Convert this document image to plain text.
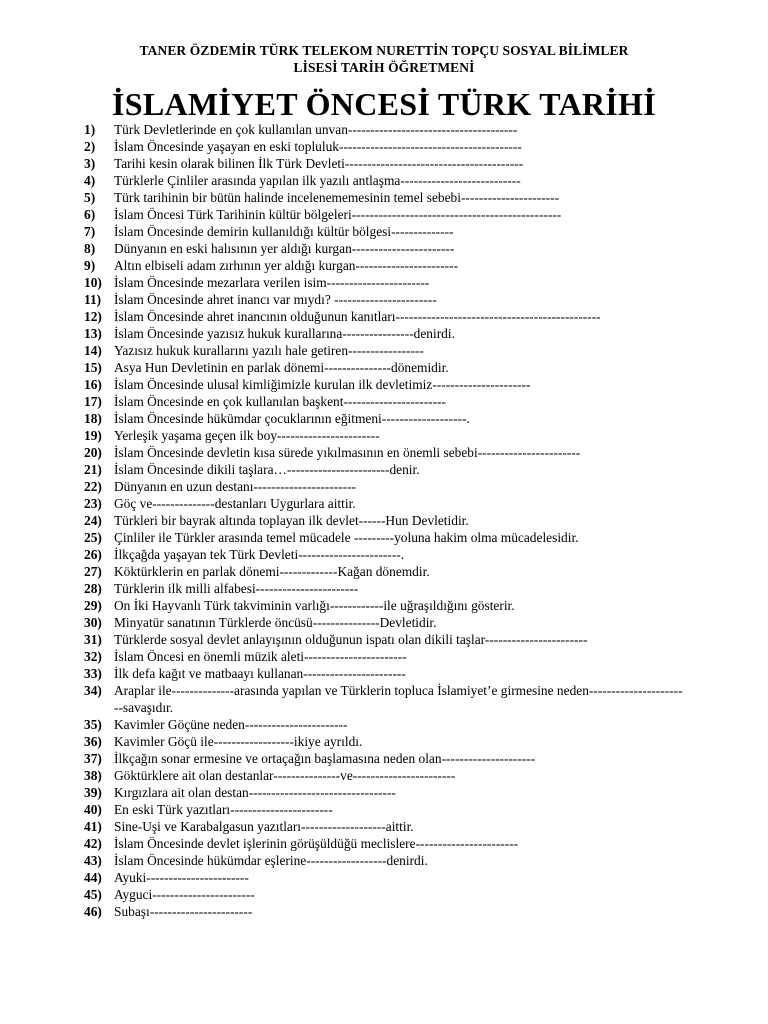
TANER ÖZDEMİR TÜRK TELEKOM NURETTİN TOPÇU SOSYAL BİLİMLER
LİSESİ TARİH ÖĞRETMENİ
İSLAMİYET ÖNCESİ TÜRK TARİHİ
1)	Türk Devletlerinde en çok kullanılan unvan--------------------------------------
2)	İslam Öncesinde yaşayan en eski topluluk-----------------------------------------
3)	Tarihi kesin olarak bilinen İlk Türk Devleti----------------------------------------
4)	Türklerle Çinliler arasında yapılan ilk yazılı antlaşma---------------------------
5)	Türk tarihinin bir bütün halinde incelenememesinin temel sebebi----------------------
6)	İslam Öncesi Türk Tarihinin kültür bölgeleri-----------------------------------------------
7)	İslam Öncesinde demirin kullanıldığı kültür bölgesi--------------
8)	Dünyanın en eski halısının yer aldığı kurgan-----------------------
9)	Altın elbiseli adam zırhının yer aldığı kurgan-----------------------
10) İslam Öncesinde mezarlara verilen isim-----------------------
11) İslam Öncesinde ahret inancı var mıydı? -----------------------
12) İslam Öncesinde ahret inancının olduğunun kanıtları----------------------------------------------
13) İslam Öncesinde yazısız hukuk kurallarına----------------denirdi.
14) Yazısız hukuk kurallarını yazılı hale getiren-----------------
15) Asya Hun Devletinin en parlak dönemi---------------dönemidir.
16) İslam Öncesinde ulusal kimliğimizle kurulan ilk devletimiz----------------------
17) İslam Öncesinde en çok kullanılan başkent-----------------------
18) İslam Öncesinde hükümdar çocuklarının eğitmeni-------------------.
19) Yerleşik yaşama geçen ilk boy-----------------------
20) İslam Öncesinde devletin kısa sürede yıkılmasının en önemli sebebi-----------------------
21) İslam Öncesinde dikili taşlara…-----------------------denir.
22) Dünyanın en uzun destanı-----------------------
23) Göç ve--------------destanları Uygurlara aittir.
24) Türkleri bir bayrak altında toplayan ilk devlet------Hun Devletidir.
25) Çinliler ile Türkler arasında temel mücadele ---------yoluna hakim olma mücadelesidir.
26) İlkçağda yaşayan tek Türk Devleti-----------------------.
27) Köktürklerin en parlak dönemi-------------Kağan dönemdir.
28) Türklerin ilk milli alfabesi-----------------------
29) On İki Hayvanlı Türk takviminin varlığı------------ile uğraşıldığını gösterir.
30) Minyatür sanatının Türklerde öncüsü---------------Devletidir.
31) Türklerde sosyal devlet anlayışının olduğunun ispatı olan dikili taşlar-----------------------
32) İslam Öncesi en önemli müzik aleti-----------------------
33) İlk defa kağıt ve matbaayı kullanan-----------------------
34) Araplar ile--------------arasında yapılan ve Türklerin topluca İslamiyet’e girmesine neden-----------------------savaşıdır.
35) Kavimler Göçüne neden-----------------------
36) Kavimler Göçü ile------------------ikiye ayrıldı.
37) İlkçağın sonar ermesine ve ortaçağın başlamasına neden olan---------------------
38) Göktürklere ait olan destanlar---------------ve-----------------------
39) Kırgızlara ait olan destan---------------------------------
40) En eski Türk yazıtları-----------------------
41) Sine-Uşi ve Karabalgasun yazıtları-------------------aittir.
42) İslam Öncesinde devlet işlerinin görüşüldüğü meclislere-----------------------
43) İslam Öncesinde hükümdar eşlerine------------------denirdi.
44) Ayuki-----------------------
45) Ayguci-----------------------
46) Subaşı-----------------------
